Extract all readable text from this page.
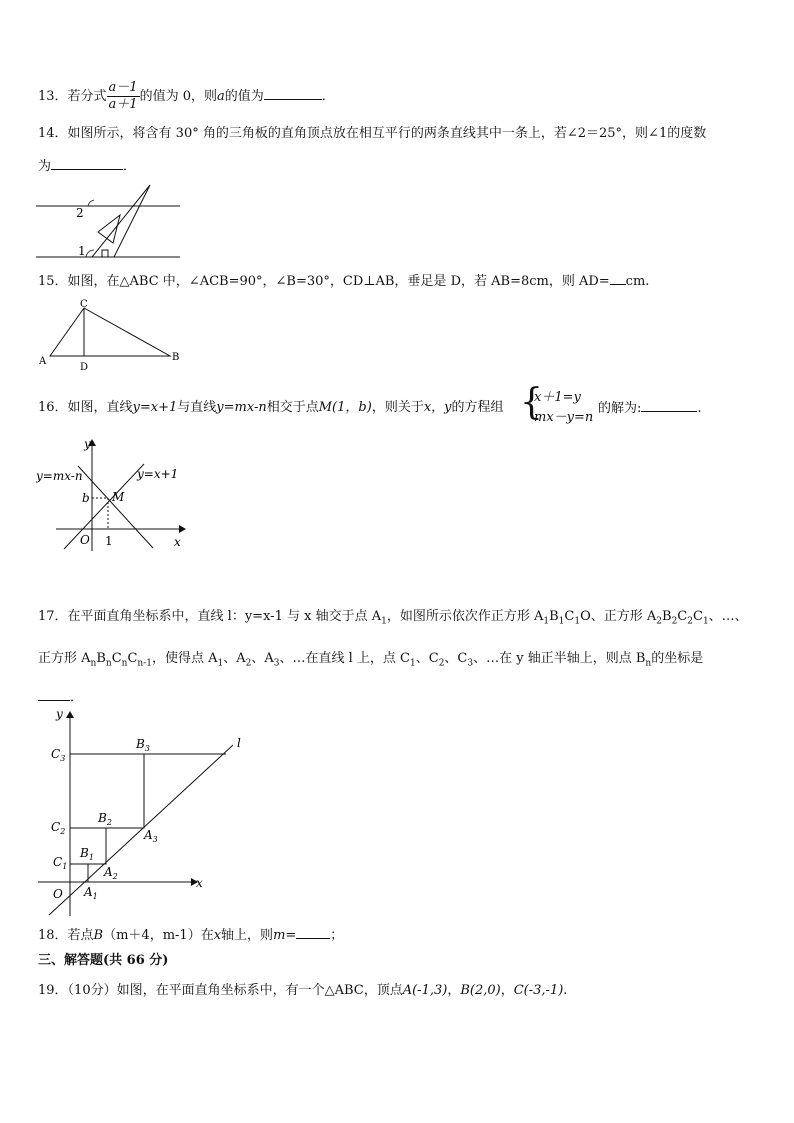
13．若分式 $\frac{a-1}{a+1}$ 的值为 0，则a的值为	．
14．如图所示，将含有 30° 角的三角板的直角顶点放在相互平行的两条直线其中一条上，若∠2＝25°，则∠1的度数
为	．
2
1
15．如图，在△ABC 中，∠ACB=90°，∠B=30°，CD⊥AB，垂足是 D，若 AB=8cm，则 AD= cm.
A	B
C
D
16．如图，直线y=x+1与直线y=mx-n相交于点M(1，b)，则关于x，y的方程组 {
x＋1=y
mx－y=n
的解为:	.
y
x
O 1
b M
y=mx-n	y=x+1
17．在平面直角坐标系中，直线 l：y=x-1 与 x 轴交于点 $A_1$，如图所示依次作正方形 $A_1B_1C_1O$、正方形 $A_2B_2C_2C_1$、…、
正方形 $A_nB_nC_nC_{n-1}$，使得点 $A_1$、$A_2$、$A_3$、…在直线 l 上，点 $C_1$、$C_2$、$C_3$、…在 y 轴正半轴上，则点 $B_n$的坐标是
．
y
x
l
O
$C_3$
$B_3$
$C_2$
$B_2$
$A_3$
$C_1$
$B_1$
$A_2$
$A_1$
18．若点B（m＋4，m-1）在x轴上，则m=	；
三、解答题(共 66 分)
19．（10分）如图，在平面直角坐标系中，有一个△ABC，顶点A(-1,3)，B(2,0)，C(-3,-1).
